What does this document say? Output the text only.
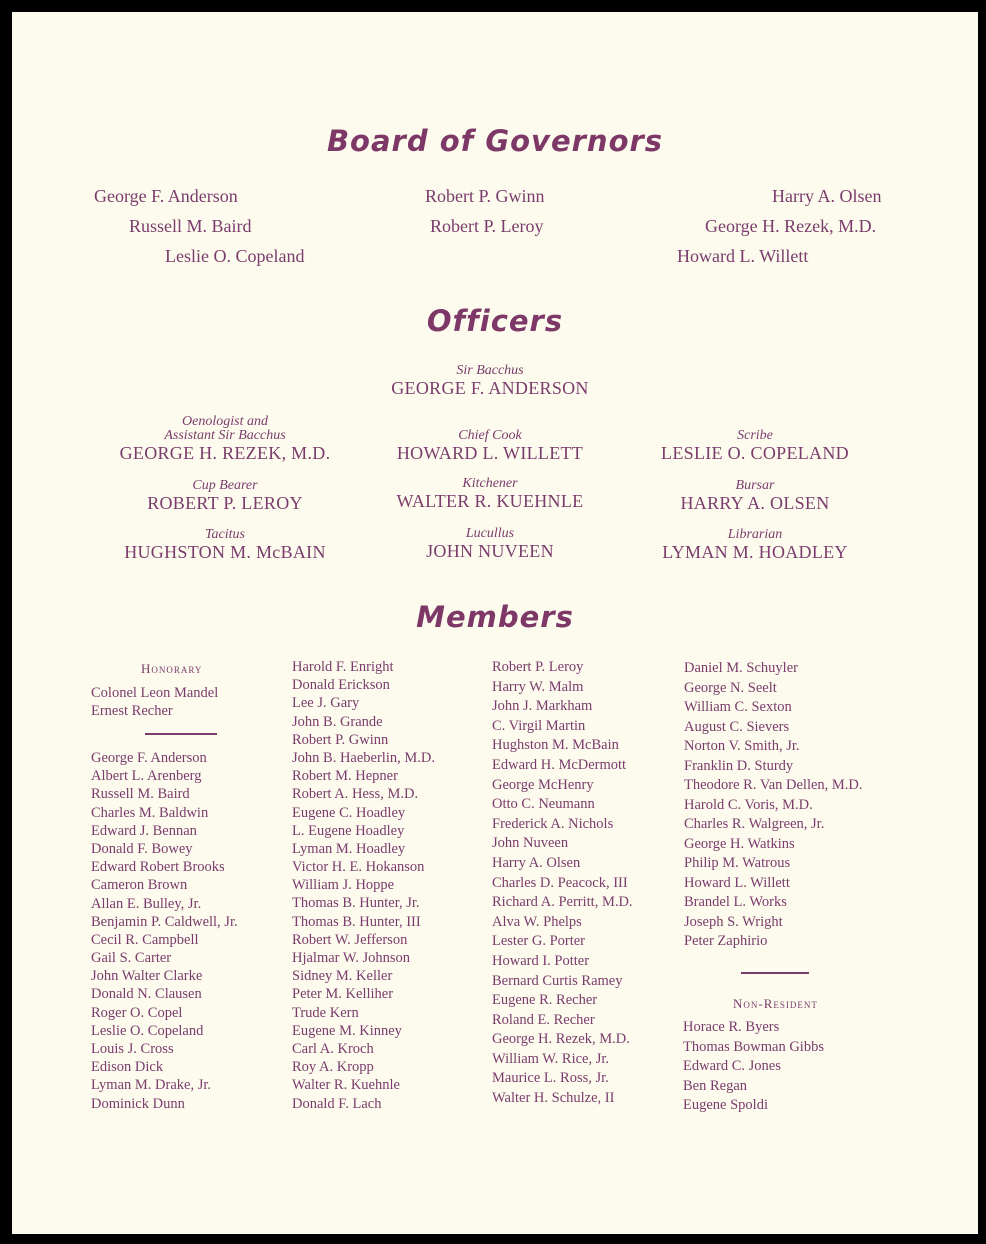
Board of Governors
George F. Anderson
Russell M. Baird
Leslie O. Copeland
Robert P. Gwinn
Robert P. Leroy
Harry A. Olsen
George H. Rezek, M.D.
Howard L. Willett
Officers
Sir Bacchus
GEORGE F. ANDERSON
Oenologist and
Assistant Sir Bacchus
GEORGE H. REZEK, M.D.
Chief Cook
HOWARD L. WILLETT
Scribe
LESLIE O. COPELAND
Cup Bearer
ROBERT P. LEROY
Kitchener
WALTER R. KUEHNLE
Bursar
HARRY A. OLSEN
Tacitus
HUGHSTON M. McBAIN
Lucullus
JOHN NUVEEN
Librarian
LYMAN M. HOADLEY
Members
Honorary
Colonel Leon Mandel
Ernest Recher
George F. Anderson
Albert L. Arenberg
Russell M. Baird
Charles M. Baldwin
Edward J. Bennan
Donald F. Bowey
Edward Robert Brooks
Cameron Brown
Allan E. Bulley, Jr.
Benjamin P. Caldwell, Jr.
Cecil R. Campbell
Gail S. Carter
John Walter Clarke
Donald N. Clausen
Roger O. Copel
Leslie O. Copeland
Louis J. Cross
Edison Dick
Lyman M. Drake, Jr.
Dominick Dunn
Harold F. Enright
Donald Erickson
Lee J. Gary
John B. Grande
Robert P. Gwinn
John B. Haeberlin, M.D.
Robert M. Hepner
Robert A. Hess, M.D.
Eugene C. Hoadley
L. Eugene Hoadley
Lyman M. Hoadley
Victor H. E. Hokanson
William J. Hoppe
Thomas B. Hunter, Jr.
Thomas B. Hunter, III
Robert W. Jefferson
Hjalmar W. Johnson
Sidney M. Keller
Peter M. Kelliher
Trude Kern
Eugene M. Kinney
Carl A. Kroch
Roy A. Kropp
Walter R. Kuehnle
Donald F. Lach
Robert P. Leroy
Harry W. Malm
John J. Markham
C. Virgil Martin
Hughston M. McBain
Edward H. McDermott
George McHenry
Otto C. Neumann
Frederick A. Nichols
John Nuveen
Harry A. Olsen
Charles D. Peacock, III
Richard A. Perritt, M.D.
Alva W. Phelps
Lester G. Porter
Howard I. Potter
Bernard Curtis Ramey
Eugene R. Recher
Roland E. Recher
George H. Rezek, M.D.
William W. Rice, Jr.
Maurice L. Ross, Jr.
Walter H. Schulze, II
Daniel M. Schuyler
George N. Seelt
William C. Sexton
August C. Sievers
Norton V. Smith, Jr.
Franklin D. Sturdy
Theodore R. Van Dellen, M.D.
Harold C. Voris, M.D.
Charles R. Walgreen, Jr.
George H. Watkins
Philip M. Watrous
Howard L. Willett
Brandel L. Works
Joseph S. Wright
Peter Zaphirio
Non-Resident
Horace R. Byers
Thomas Bowman Gibbs
Edward C. Jones
Ben Regan
Eugene Spoldi
